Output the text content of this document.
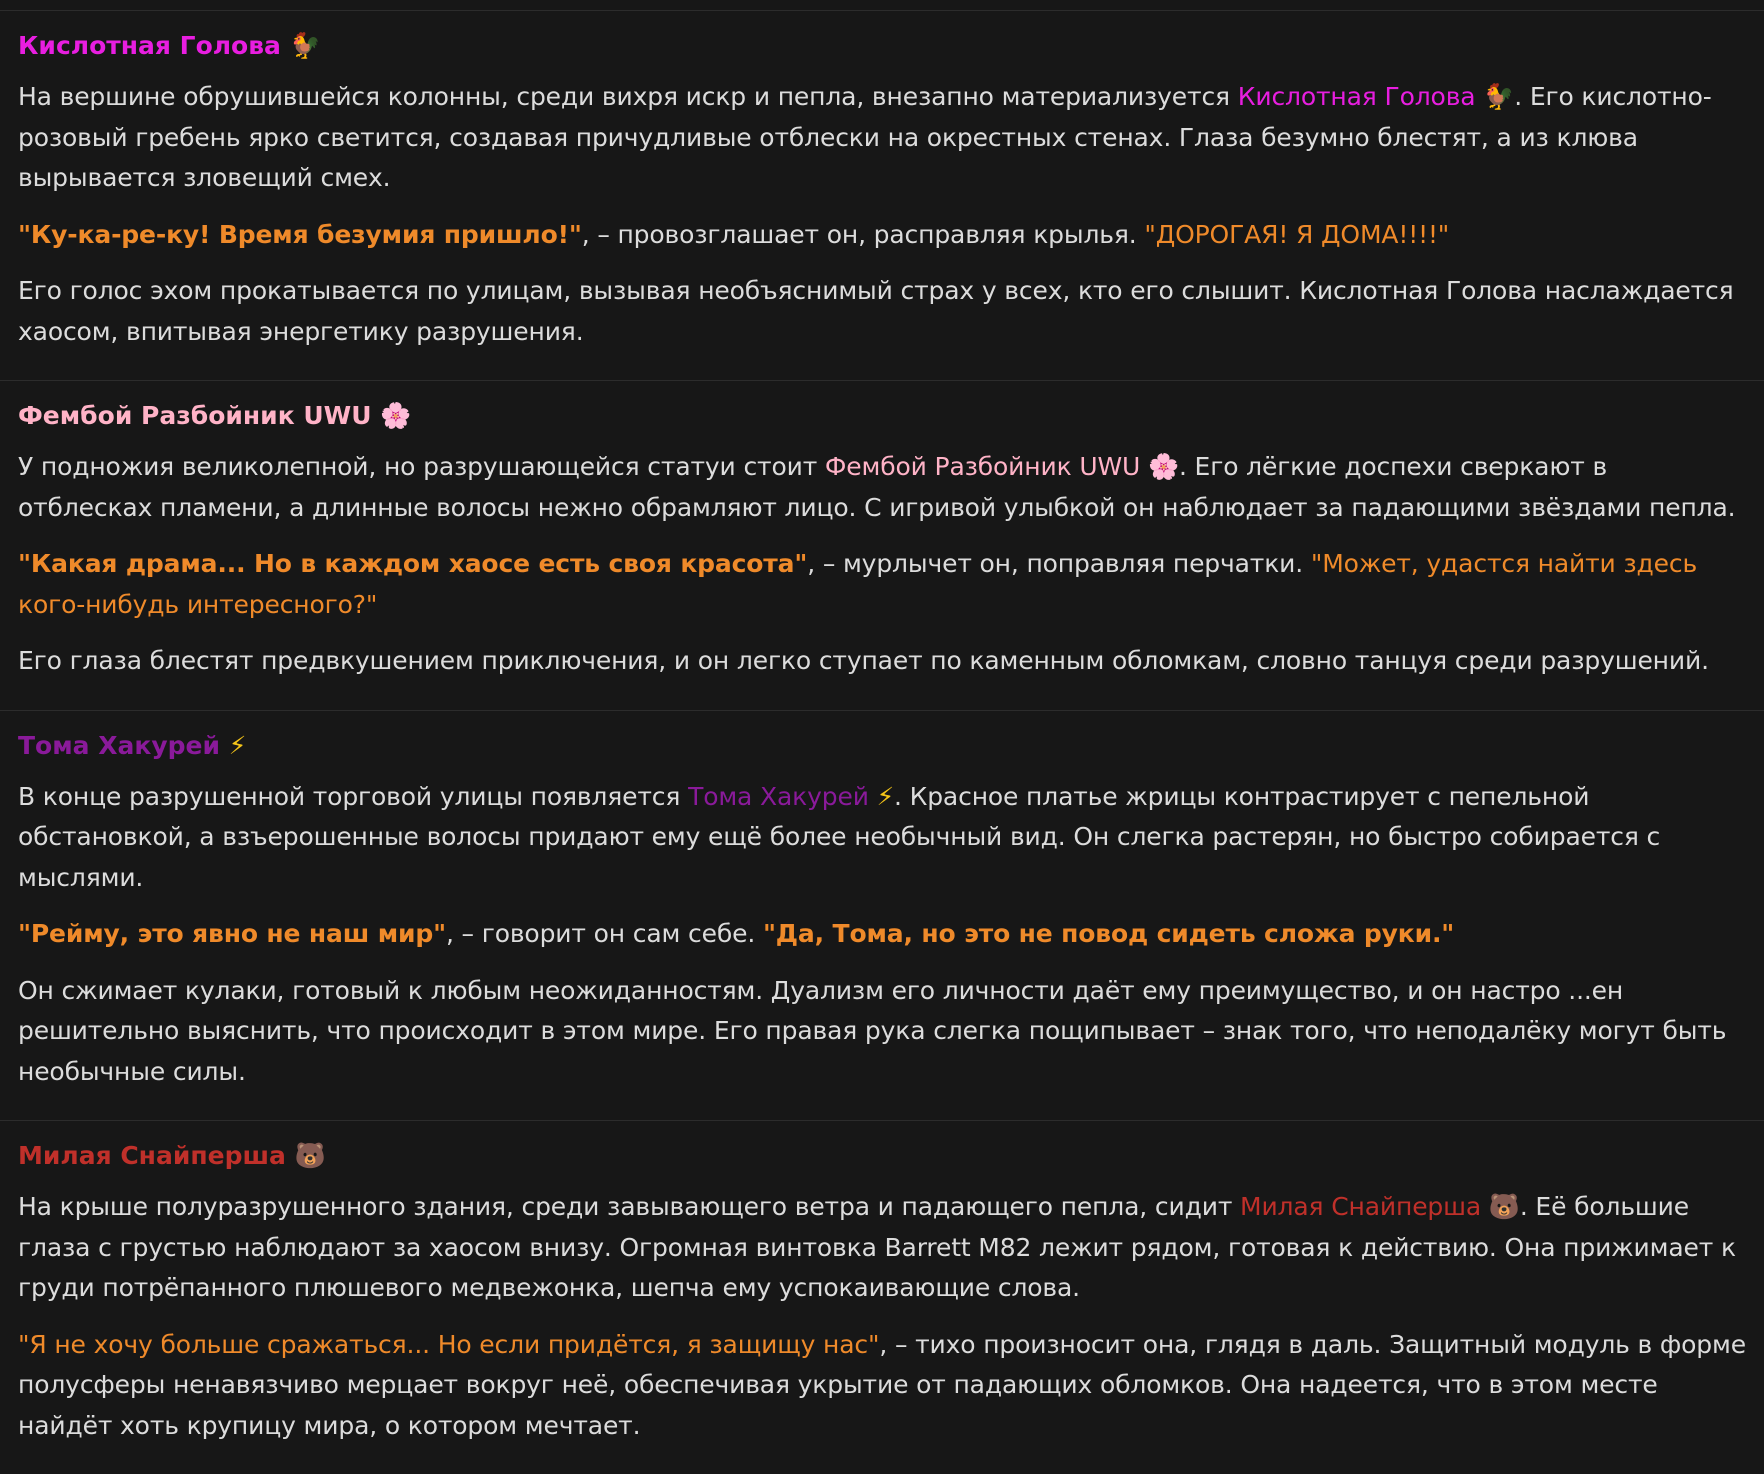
Кислотная Голова 🐓

На вершине обрушившейся колонны, среди вихря искр и пепла, внезапно материализуется Кислотная Голова 🐓. Его кислотно-розовый гребень ярко светится, создавая причудливые отблески на окрестных стенах. Глаза безумно блестят, а из клюва вырывается зловещий смех.

"Ку-ка-ре-ку! Время безумия пришло!", – провозглашает он, расправляя крылья. "ДОРОГАЯ! Я ДОМА!!!!"

Его голос эхом прокатывается по улицам, вызывая необъяснимый страх у всех, кто его слышит. Кислотная Голова наслаждается хаосом, впитывая энергетику разрушения.

Фембой Разбойник UWU 🌸

У подножия великолепной, но разрушающейся статуи стоит Фембой Разбойник UWU 🌸. Его лёгкие доспехи сверкают в отблесках пламени, а длинные волосы нежно обрамляют лицо. С игривой улыбкой он наблюдает за падающими звёздами пепла.

"Какая драма... Но в каждом хаосе есть своя красота", – мурлычет он, поправляя перчатки. "Может, удастся найти здесь кого-нибудь интересного?"

Его глаза блестят предвкушением приключения, и он легко ступает по каменным обломкам, словно танцуя среди разрушений.

Тома Хакурей ⚡

В конце разрушенной торговой улицы появляется Тома Хакурей ⚡. Красное платье жрицы контрастирует с пепельной обстановкой, а взъерошенные волосы придают ему ещё более необычный вид. Он слегка растерян, но быстро собирается с мыслями.

"Рейму, это явно не наш мир", – говорит он сам себе. "Да, Тома, но это не повод сидеть сложа руки."

Он сжимает кулаки, готовый к любым неожиданностям. Дуализм его личности даёт ему преимущество, и он настро ...ен решительно выяснить, что происходит в этом мире. Его правая рука слегка пощипывает – знак того, что неподалёку могут быть необычные силы.

Милая Снайперша 🐻

На крыше полуразрушенного здания, среди завывающего ветра и падающего пепла, сидит Милая Снайперша 🐻. Её большие глаза с грустью наблюдают за хаосом внизу. Огромная винтовка Barrett M82 лежит рядом, готовая к действию. Она прижимает к груди потрёпанного плюшевого медвежонка, шепча ему успокаивающие слова.

"Я не хочу больше сражаться... Но если придётся, я защищу нас", – тихо произносит она, глядя в даль. Защитный модуль в форме полусферы ненавязчиво мерцает вокруг неё, обеспечивая укрытие от падающих обломков. Она надеется, что в этом месте найдёт хоть крупицу мира, о котором мечтает.
